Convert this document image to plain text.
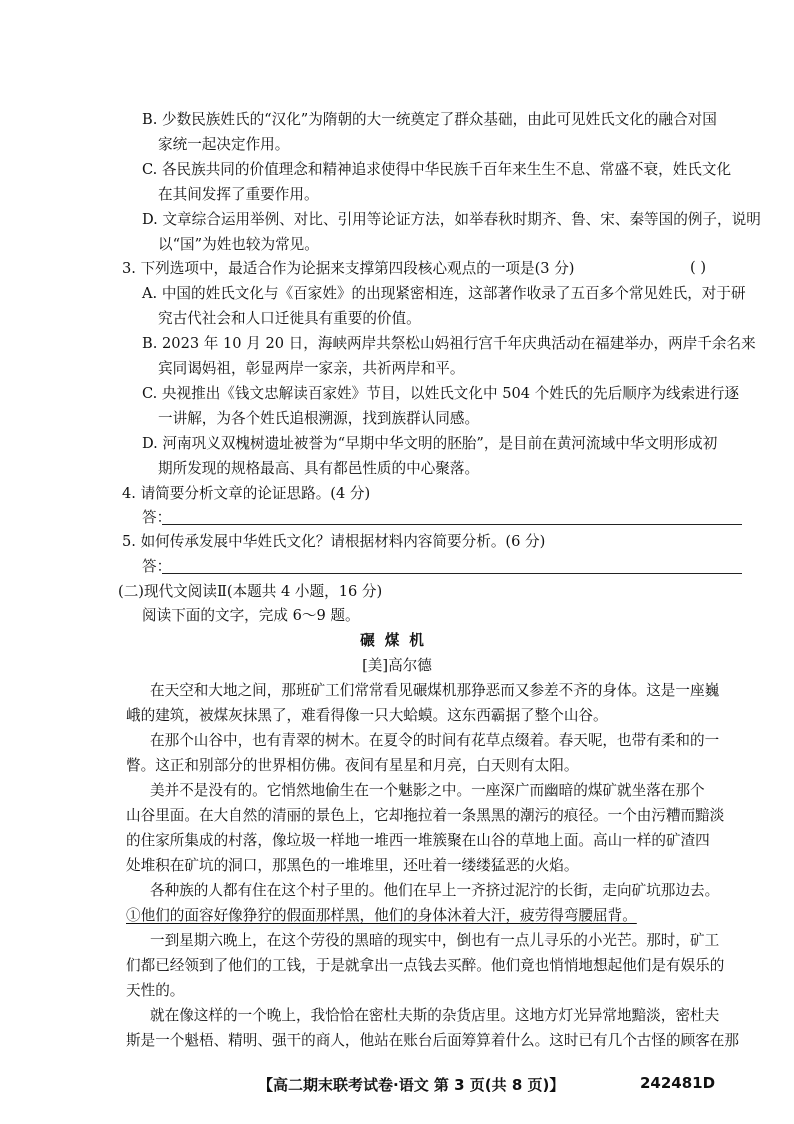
B. 少数民族姓氏的“汉化”为隋朝的大一统奠定了群众基础，由此可见姓氏文化的融合对国
家统一起决定作用。
C. 各民族共同的价值理念和精神追求使得中华民族千百年来生生不息、常盛不衰，姓氏文化
在其间发挥了重要作用。
D. 文章综合运用举例、对比、引用等论证方法，如举春秋时期齐、鲁、宋、秦等国的例子，说明
以“国”为姓也较为常见。
3. 下列选项中，最适合作为论据来支撑第四段核心观点的一项是(3 分)	( )
A. 中国的姓氏文化与《百家姓》的出现紧密相连，这部著作收录了五百多个常见姓氏，对于研
究古代社会和人口迁徙具有重要的价值。
B. 2023 年 10 月 20 日，海峡两岸共祭松山妈祖行宫千年庆典活动在福建举办，两岸千余名来
宾同谒妈祖，彰显两岸一家亲，共祈两岸和平。
C. 央视推出《钱文忠解读百家姓》节目，以姓氏文化中 504 个姓氏的先后顺序为线索进行逐
一讲解，为各个姓氏追根溯源，找到族群认同感。
D. 河南巩义双槐树遗址被誉为“早期中华文明的胚胎”，是目前在黄河流域中华文明形成初
期所发现的规格最高、具有都邑性质的中心聚落。
4. 请简要分析文章的论证思路。(4 分)
答：
5. 如何传承发展中华姓氏文化？请根据材料内容简要分析。(6 分)
答：
(二)现代文阅读Ⅱ(本题共 4 小题，16 分)
阅读下面的文字，完成 6～9 题。
碾煤机
[美]高尔德
在天空和大地之间，那班矿工们常常看见碾煤机那狰恶而又参差不齐的身体。这是一座巍
峨的建筑，被煤灰抹黑了，难看得像一只大蛤蟆。这东西霸据了整个山谷。
在那个山谷中，也有青翠的树木。在夏令的时间有花草点缀着。春天呢，也带有柔和的一
瞥。这正和别部分的世界相仿佛。夜间有星星和月亮，白天则有太阳。
美并不是没有的。它悄然地偷生在一个魅影之中。一座深广而幽暗的煤矿就坐落在那个
山谷里面。在大自然的清丽的景色上，它却拖拉着一条黑黑的潮污的痕径。一个由污糟而黯淡
的住家所集成的村落，像垃圾一样地一堆西一堆簇聚在山谷的草地上面。高山一样的矿渣四
处堆积在矿坑的洞口，那黑色的一堆堆里，还吐着一缕缕猛恶的火焰。
各种族的人都有住在这个村子里的。他们在早上一齐挤过泥泞的长街，走向矿坑那边去。
①他们的面容好像狰狞的假面那样黑，他们的身体沐着大汗，疲劳得弯腰屈背。
一到星期六晚上，在这个劳役的黑暗的现实中，倒也有一点儿寻乐的小光芒。那时，矿工
们都已经领到了他们的工钱，于是就拿出一点钱去买醉。他们竟也悄悄地想起他们是有娱乐的
天性的。
就在像这样的一个晚上，我恰恰在密杜夫斯的杂货店里。这地方灯光异常地黯淡，密杜夫
斯是一个魁梧、精明、强干的商人，他站在账台后面筹算着什么。这时已有几个古怪的顾客在那
【高二期末联考试卷·语文 第 3 页(共 8 页)】	242481D
